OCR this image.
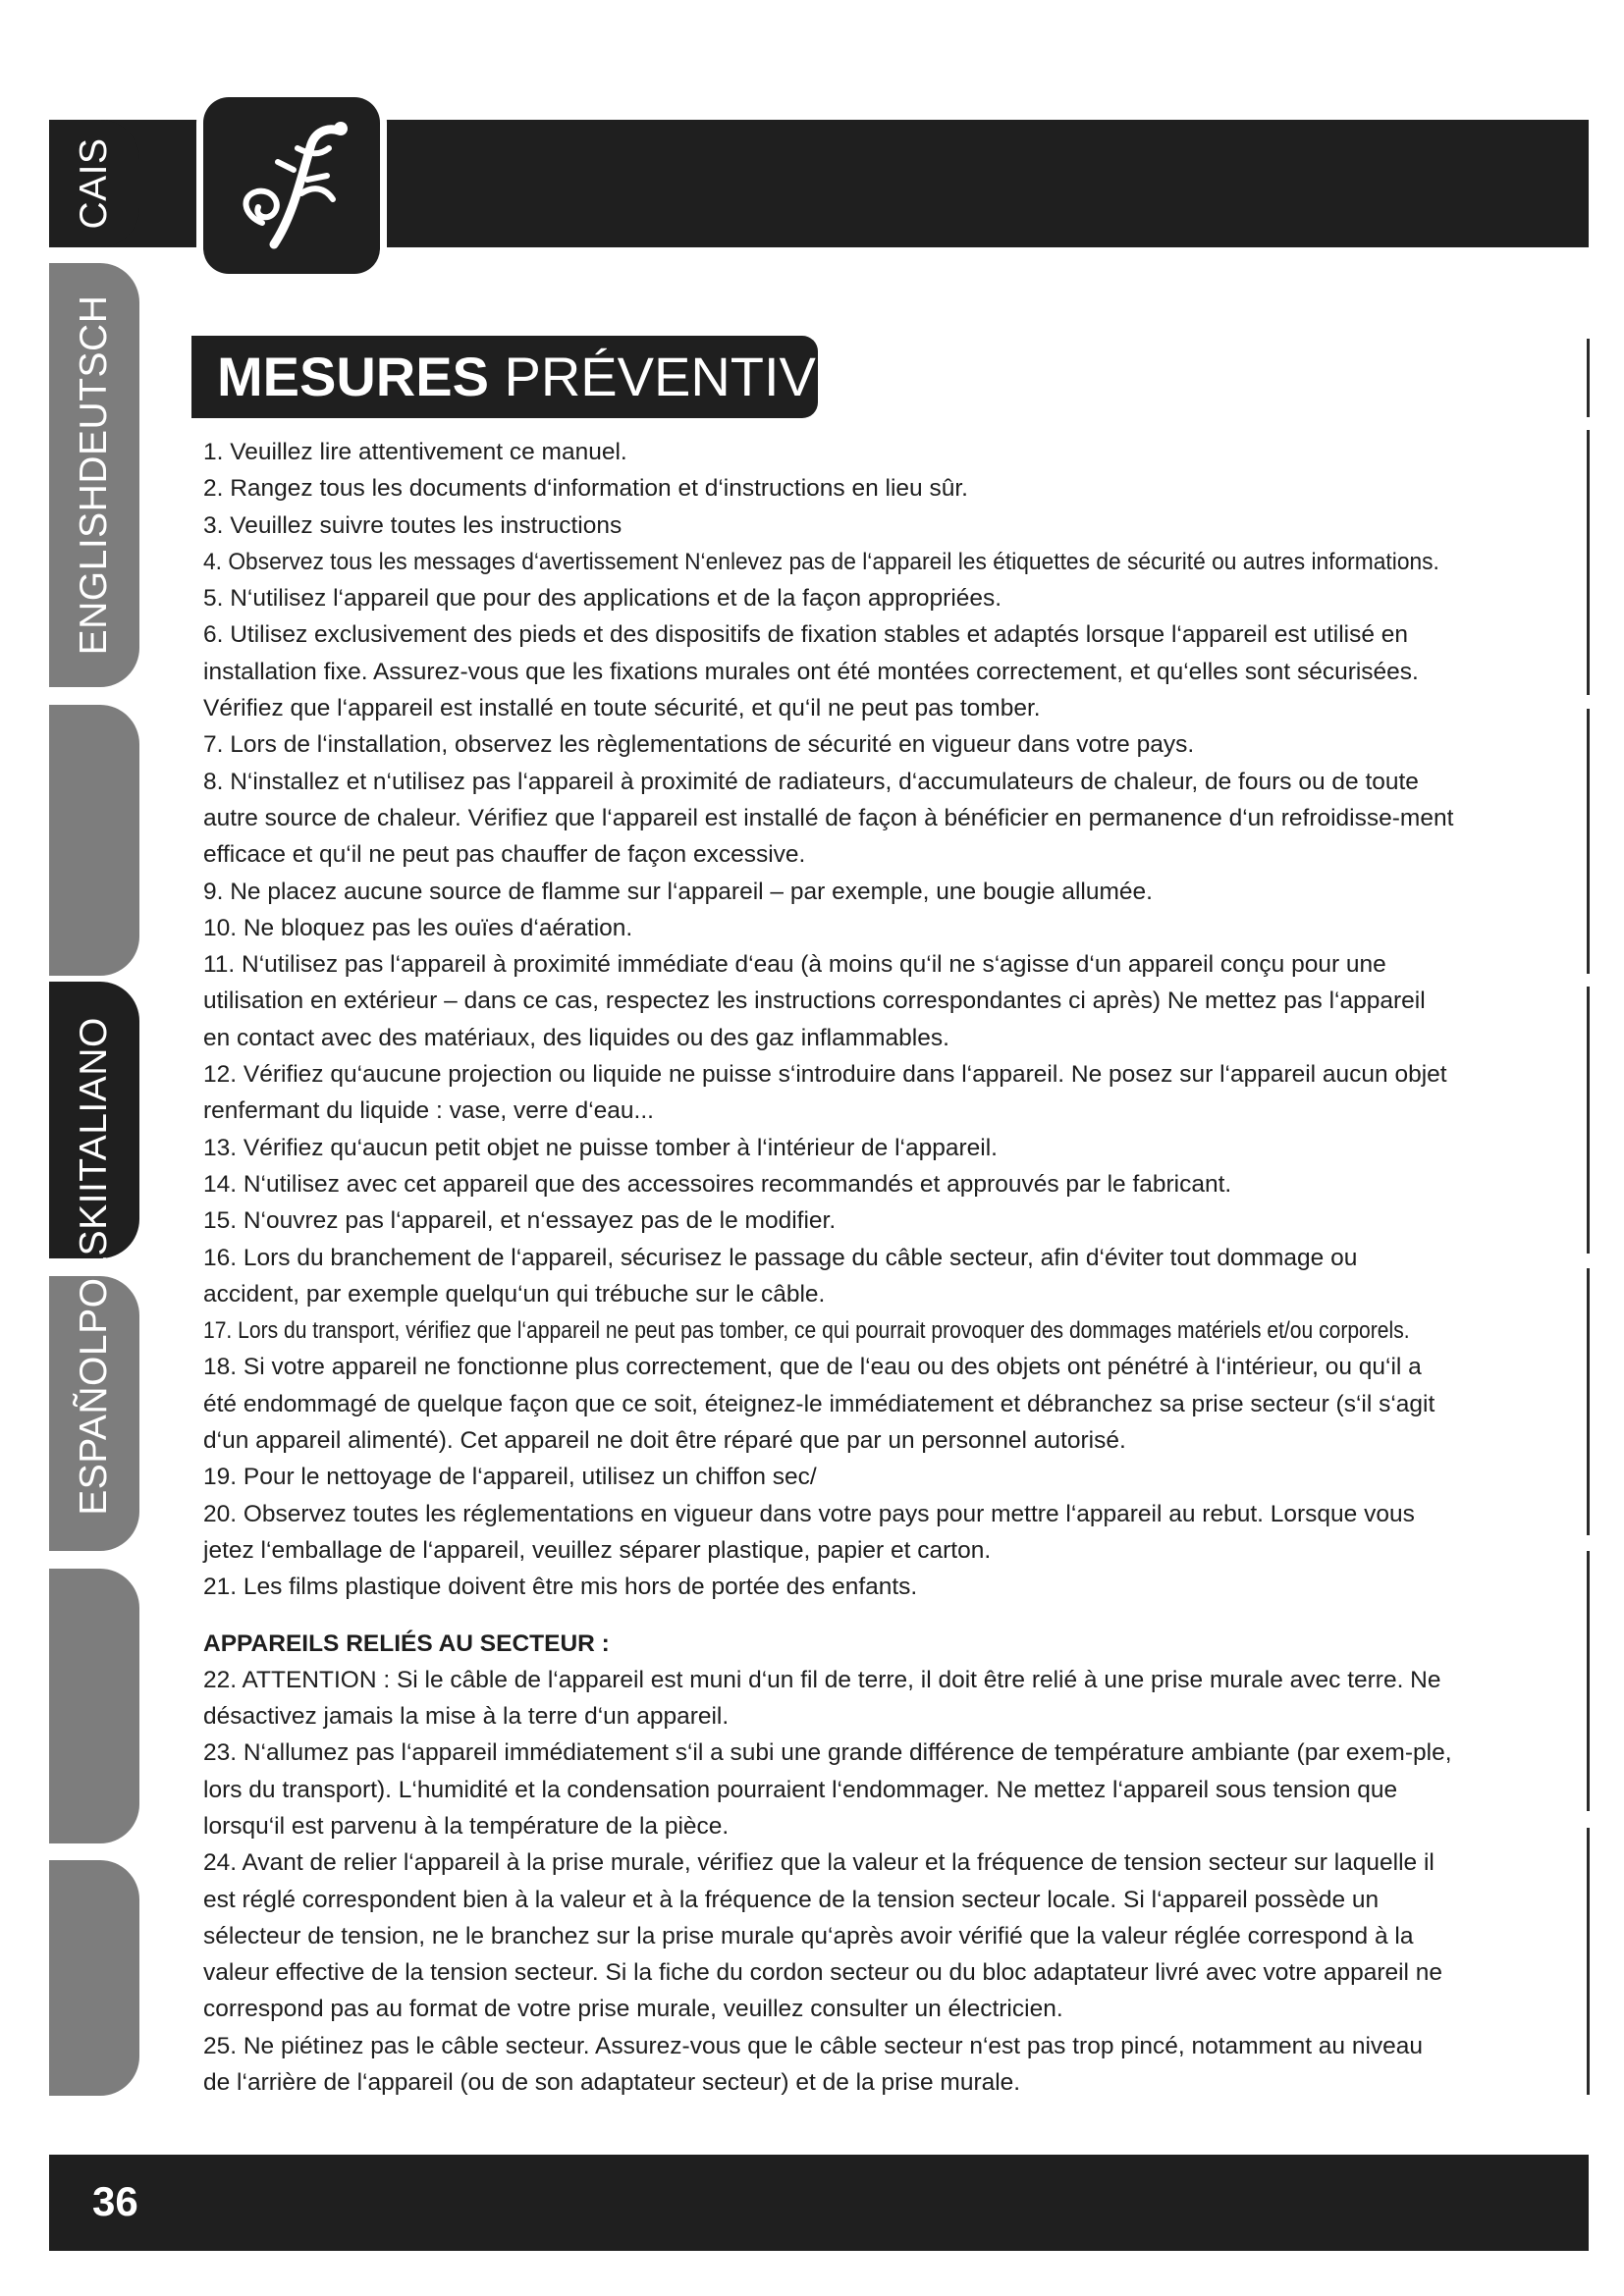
CAIS
ENGLISHDEUTSCH
ESPAÑOLPOLSKIITALIANO
MESURES PRÉVENTIVES:

1. Veuillez lire attentivement ce manuel.

2. Rangez tous les documents d‘information et d‘instructions en lieu sûr.

3. Veuillez suivre toutes les instructions

4. Observez tous les messages d‘avertissement N‘enlevez pas de l‘appareil les étiquettes de sécurité ou autres informations.

5. N‘utilisez l‘appareil que pour des applications et de la façon appropriées.

6. Utilisez exclusivement des pieds et des dispositifs de fixation stables et adaptés lorsque l‘appareil est utilisé en installation fixe. Assurez-vous que les fixations murales ont été montées correctement, et qu‘elles sont sécurisées. Vérifiez que l‘appareil est installé en toute sécurité, et qu‘il ne peut pas tomber.

7. Lors de l‘installation, observez les règlementations de sécurité en vigueur dans votre pays.

8. N‘installez et n‘utilisez pas l‘appareil à proximité de radiateurs, d‘accumulateurs de chaleur, de fours ou de toute autre source de chaleur. Vérifiez que l‘appareil est installé de façon à bénéficier en permanence d‘un refroidisse-ment efficace et qu‘il ne peut pas chauffer de façon excessive.

9. Ne placez aucune source de flamme sur l‘appareil – par exemple, une bougie allumée.

10. Ne bloquez pas les ouïes d‘aération.

11. N‘utilisez pas l‘appareil à proximité immédiate d‘eau (à moins qu‘il ne s‘agisse d‘un appareil conçu pour une utilisation en extérieur – dans ce cas, respectez les instructions correspondantes ci après) Ne mettez pas l‘appareil en contact avec des matériaux, des liquides ou des gaz inflammables.

12. Vérifiez qu‘aucune projection ou liquide ne puisse s‘introduire dans l‘appareil. Ne posez sur l‘appareil aucun objet renfermant du liquide : vase, verre d‘eau...

13. Vérifiez qu‘aucun petit objet ne puisse tomber à l‘intérieur de l‘appareil.

14. N‘utilisez avec cet appareil que des accessoires recommandés et approuvés par le fabricant.

15. N‘ouvrez pas l‘appareil, et n‘essayez pas de le modifier.

16. Lors du branchement de l‘appareil, sécurisez le passage du câble secteur, afin d‘éviter tout dommage ou accident, par exemple quelqu‘un qui trébuche sur le câble.

17. Lors du transport, vérifiez que l‘appareil ne peut pas tomber, ce qui pourrait provoquer des dommages matériels et/ou corporels.

18. Si votre appareil ne fonctionne plus correctement, que de l‘eau ou des objets ont pénétré à l‘intérieur, ou qu‘il a été endommagé de quelque façon que ce soit, éteignez-le immédiatement et débranchez sa prise secteur (s‘il s‘agit d‘un appareil alimenté). Cet appareil ne doit être réparé que par un personnel autorisé.

19. Pour le nettoyage de l‘appareil, utilisez un chiffon sec/

20. Observez toutes les réglementations en vigueur dans votre pays pour mettre l‘appareil au rebut. Lorsque vous jetez l‘emballage de l‘appareil, veuillez séparer plastique, papier et carton.

21. Les films plastique doivent être mis hors de portée des enfants.

APPAREILS RELIÉS AU SECTEUR :

22. ATTENTION : Si le câble de l‘appareil est muni d‘un fil de terre, il doit être relié à une prise murale avec terre. Ne désactivez jamais la mise à la terre d‘un appareil.

23. N‘allumez pas l‘appareil immédiatement s‘il a subi une grande différence de température ambiante (par exem-ple, lors du transport). L‘humidité et la condensation pourraient l‘endommager. Ne mettez l‘appareil sous tension que lorsqu‘il est parvenu à la température de la pièce.

24. Avant de relier l‘appareil à la prise murale, vérifiez que la valeur et la fréquence de tension secteur sur laquelle il est réglé correspondent bien à la valeur et à la fréquence de la tension secteur locale. Si l‘appareil possède un sélecteur de tension, ne le branchez sur la prise murale qu‘après avoir vérifié que la valeur réglée correspond à la valeur effective de la tension secteur. Si la fiche du cordon secteur ou du bloc adaptateur livré avec votre appareil ne correspond pas au format de votre prise murale, veuillez consulter un électricien.

25. Ne piétinez pas le câble secteur. Assurez-vous que le câble secteur n‘est pas trop pincé, notamment au niveau de l‘arrière de l‘appareil (ou de son adaptateur secteur) et de la prise murale.

36
